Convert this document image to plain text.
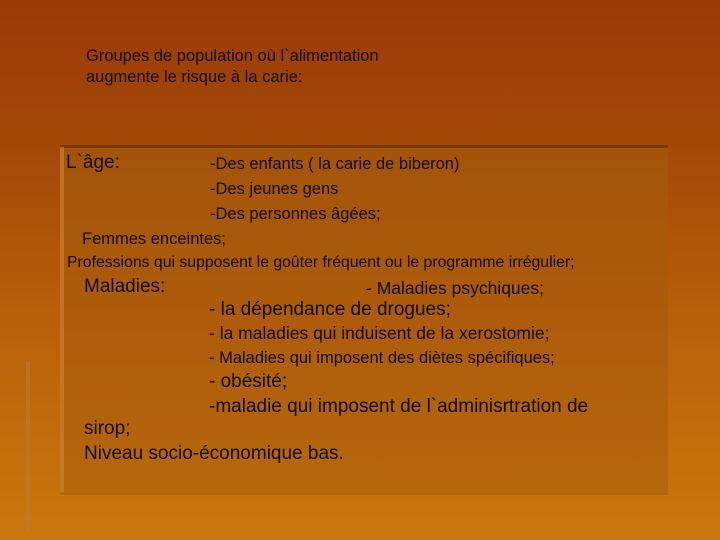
Groupes de population où l`alimentation
augmente le risque à la carie:
L`âge:	-Des enfants ( la carie de biberon)
-Des jeunes gens
-Des personnes âgées;
Femmes enceintes;
Professions qui supposent le goûter fréquent ou le programme irrégulier;
Maladies:	- Maladies psychiques;
- la dépendance de drogues;
- la maladies qui induisent de la xerostomie;
- Maladies qui imposent des diètes spécifiques;
- obésité;
-maladie qui imposent de l`adminisrtration de
sirop;
Niveau socio-économique bas.
